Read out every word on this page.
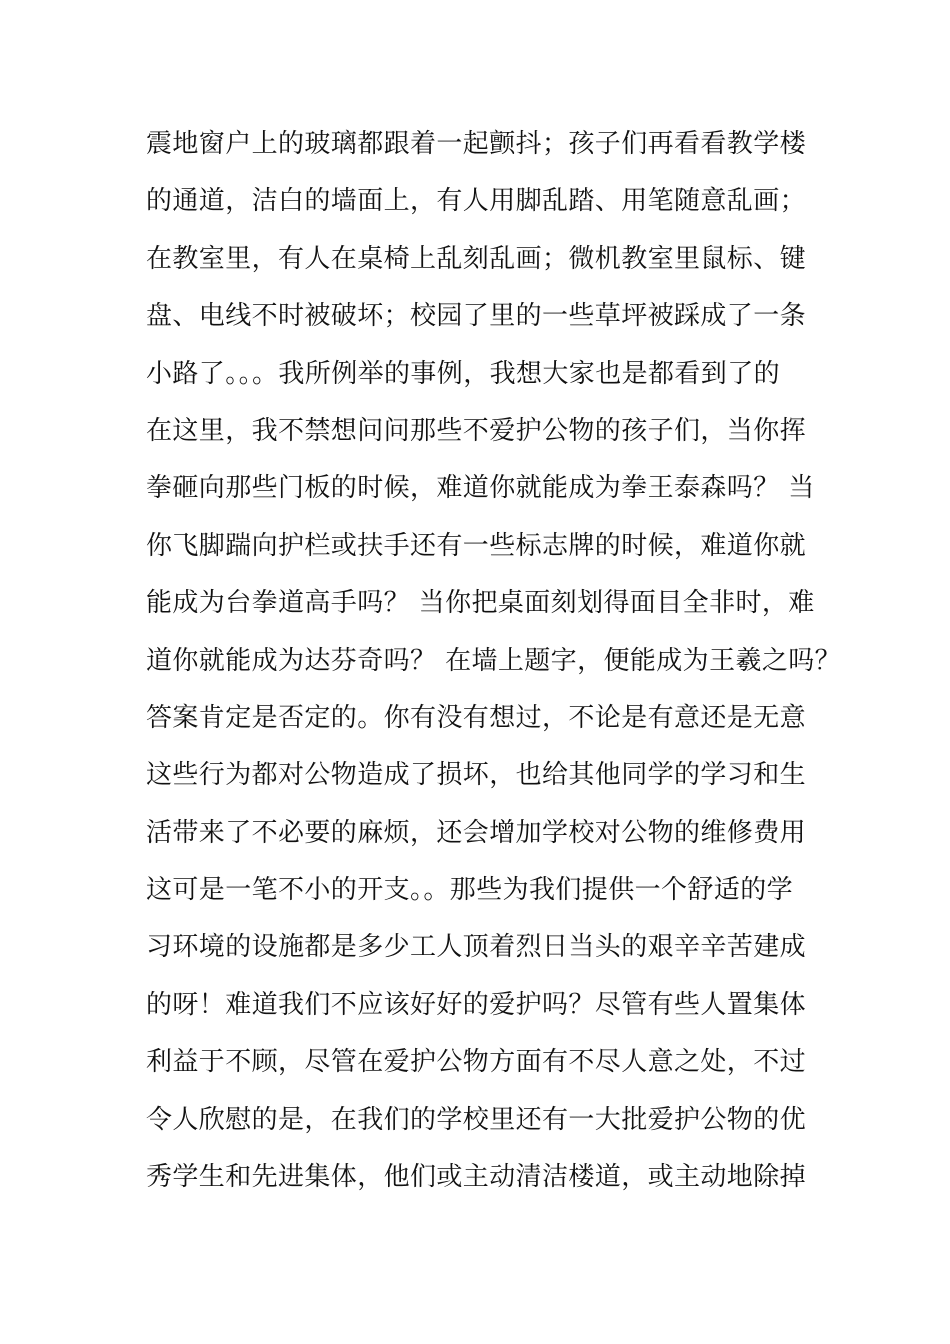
震地窗户上的玻璃都跟着一起颤抖；孩子们再看看教学楼
的通道，洁白的墙面上，有人用脚乱踏、用笔随意乱画；
在教室里，有人在桌椅上乱刻乱画；微机教室里鼠标、键
盘、电线不时被破坏；校园了里的一些草坪被踩成了一条
小路了。。。我所例举的事例，我想大家也是都看到了的
在这里，我不禁想问问那些不爱护公物的孩子们，当你挥
拳砸向那些门板的时候，难道你就能成为拳王泰森吗？ 当
你飞脚踹向护栏或扶手还有一些标志牌的时候，难道你就
能成为台拳道高手吗？ 当你把桌面刻划得面目全非时，难
道你就能成为达芬奇吗？ 在墙上题字，便能成为王羲之吗？
答案肯定是否定的。你有没有想过，不论是有意还是无意
这些行为都对公物造成了损坏，也给其他同学的学习和生
活带来了不必要的麻烦，还会增加学校对公物的维修费用
这可是一笔不小的开支。。那些为我们提供一个舒适的学
习环境的设施都是多少工人顶着烈日当头的艰辛辛苦建成
的呀！难道我们不应该好好的爱护吗？尽管有些人置集体
利益于不顾，尽管在爱护公物方面有不尽人意之处，不过
令人欣慰的是，在我们的学校里还有一大批爱护公物的优
秀学生和先进集体，他们或主动清洁楼道，或主动地除掉
